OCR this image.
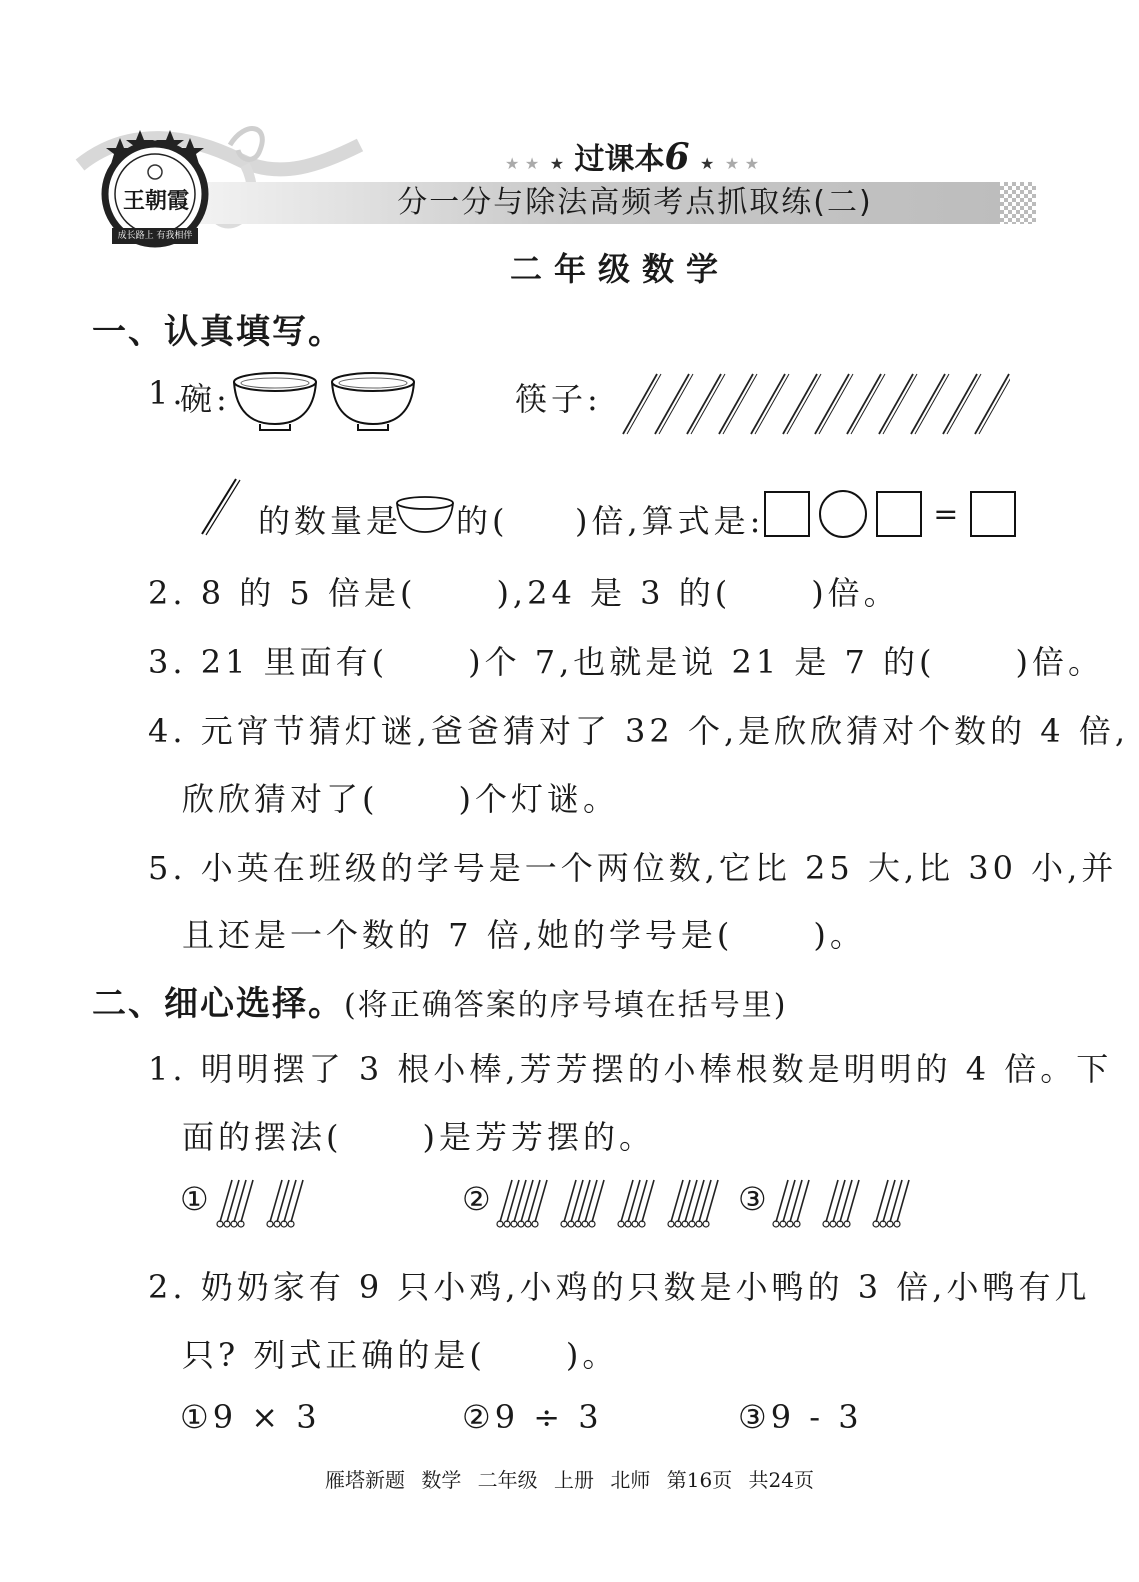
王朝霞
成长路上 有我相伴
★ ★ ★ 过课本6 ★ ★ ★
分一分与除法高频考点抓取练(二)
二年级数学
一、认真填写。
1.
碗:	筷子:
的数量是 的( )倍,算式是:	=
2. 8 的 5 倍是(	),24 是 3 的(	)倍。
3. 21 里面有(	)个 7,也就是说 21 是 7 的(	)倍。
4. 元宵节猜灯谜,爸爸猜对了 32 个,是欣欣猜对个数的 4 倍,
欣欣猜对了(	)个灯谜。
5. 小英在班级的学号是一个两位数,它比 25 大,比 30 小,并
且还是一个数的 7 倍,她的学号是(	)。
二、细心选择。(将正确答案的序号填在括号里)
1. 明明摆了 3 根小棒,芳芳摆的小棒根数是明明的 4 倍。下
面的摆法(	)是芳芳摆的。
①	②	③
2. 奶奶家有 9 只小鸡,小鸡的只数是小鸭的 3 倍,小鸭有几
只? 列式正确的是(	)。
①9 × 3	②9 ÷ 3	③9 - 3
雁塔新题 数学 二年级 上册 北师 第16页 共24页
